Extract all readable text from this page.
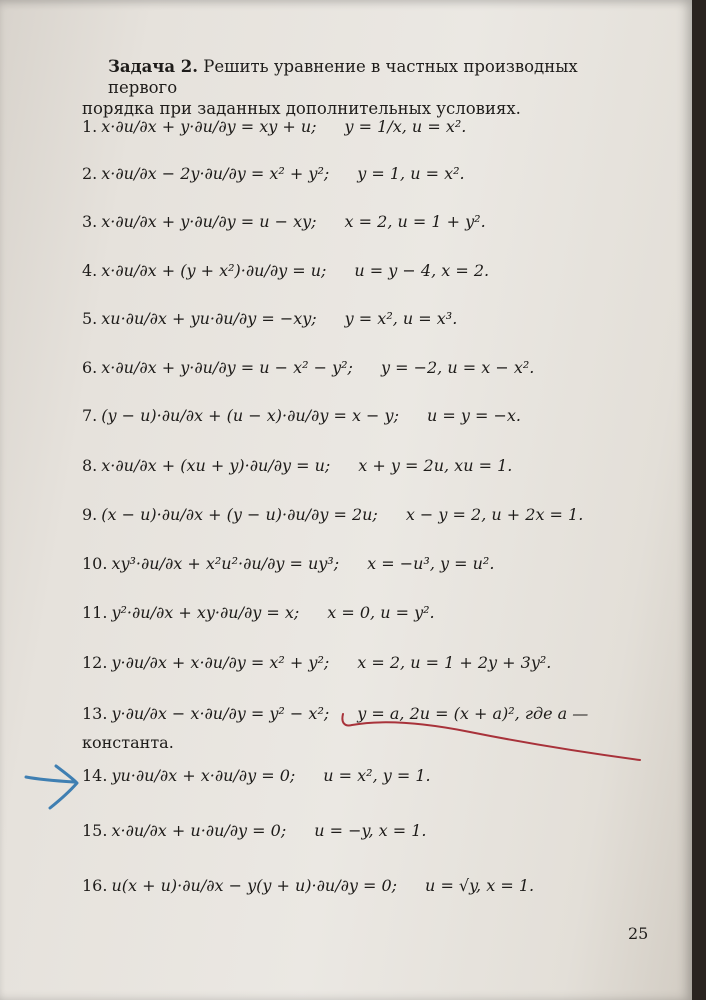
Задача 2. Решить уравнение в частных производных первого

порядка при заданных дополнительных условиях.

1. x·∂u/∂x + y·∂u/∂y = xy + u; y = 1/x, u = x².
2. x·∂u/∂x − 2y·∂u/∂y = x² + y²; y = 1, u = x².
3. x·∂u/∂x + y·∂u/∂y = u − xy; x = 2, u = 1 + y².
4. x·∂u/∂x + (y + x²)·∂u/∂y = u; u = y − 4, x = 2.
5. xu·∂u/∂x + yu·∂u/∂y = −xy; y = x², u = x³.
6. x·∂u/∂x + y·∂u/∂y = u − x² − y²; y = −2, u = x − x².
7. (y − u)·∂u/∂x + (u − x)·∂u/∂y = x − y; u = y = −x.
8. x·∂u/∂x + (xu + y)·∂u/∂y = u; x + y = 2u, xu = 1.
9. (x − u)·∂u/∂x + (y − u)·∂u/∂y = 2u; x − y = 2, u + 2x = 1.
10. xy³·∂u/∂x + x²u²·∂u/∂y = uy³; x = −u³, y = u².
11. y²·∂u/∂x + xy·∂u/∂y = x; x = 0, u = y².
12. y·∂u/∂x + x·∂u/∂y = x² + y²; x = 2, u = 1 + 2y + 3y².
13. y·∂u/∂x − x·∂u/∂y = y² − x²; y = a, 2u = (x + a)², где a —
константа.
14. yu·∂u/∂x + x·∂u/∂y = 0; u = x², y = 1.
15. x·∂u/∂x + u·∂u/∂y = 0; u = −y, x = 1.
16. u(x + u)·∂u/∂x − y(y + u)·∂u/∂y = 0; u = √y, x = 1.
25
